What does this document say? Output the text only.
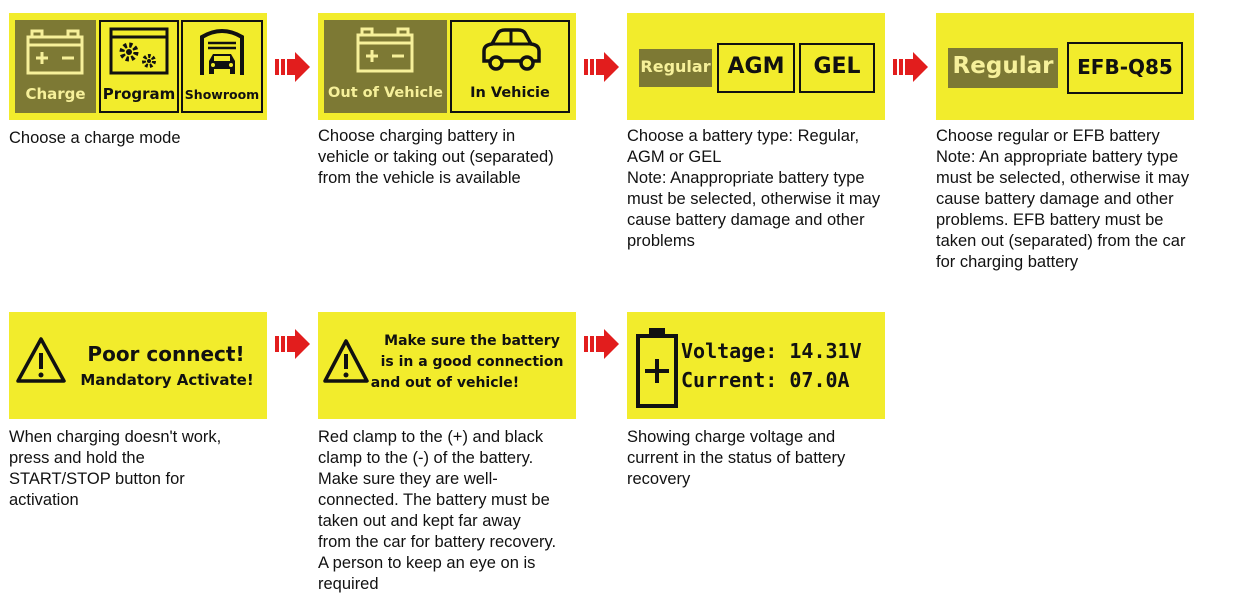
Charge	Program Showroom	Out of Vehicle	In Vehicie
Regular AGM	GEL	Regular	EFB-Q85
Choose a charge mode	Choose charging battery in
vehicle or taking out (separated)
from the vehicle is available
Choose a battery type: Regular,
AGM or GEL
Note: Anappropriate battery type
must be selected, otherwise it may
cause battery damage and other
problems
Choose regular or EFB battery
Note: An appropriate battery type
must be selected, otherwise it may
cause battery damage and other
problems. EFB battery must be
taken out (separated) from the car
for charging battery
Poor connect!
Mandatory Activate!
Make sure the battery
is in a good connection
and out of vehicle!
Voltage: 14.31V
Current: 07.0A
When charging doesn't work,
press and hold the
START/STOP button for
activation
Red clamp to the (+) and black
clamp to the (-) of the battery.
Make sure they are well-
connected. The battery must be
taken out and kept far away
from the car for battery recovery.
A person to keep an eye on is
required
Showing charge voltage and
current in the status of battery
recovery
